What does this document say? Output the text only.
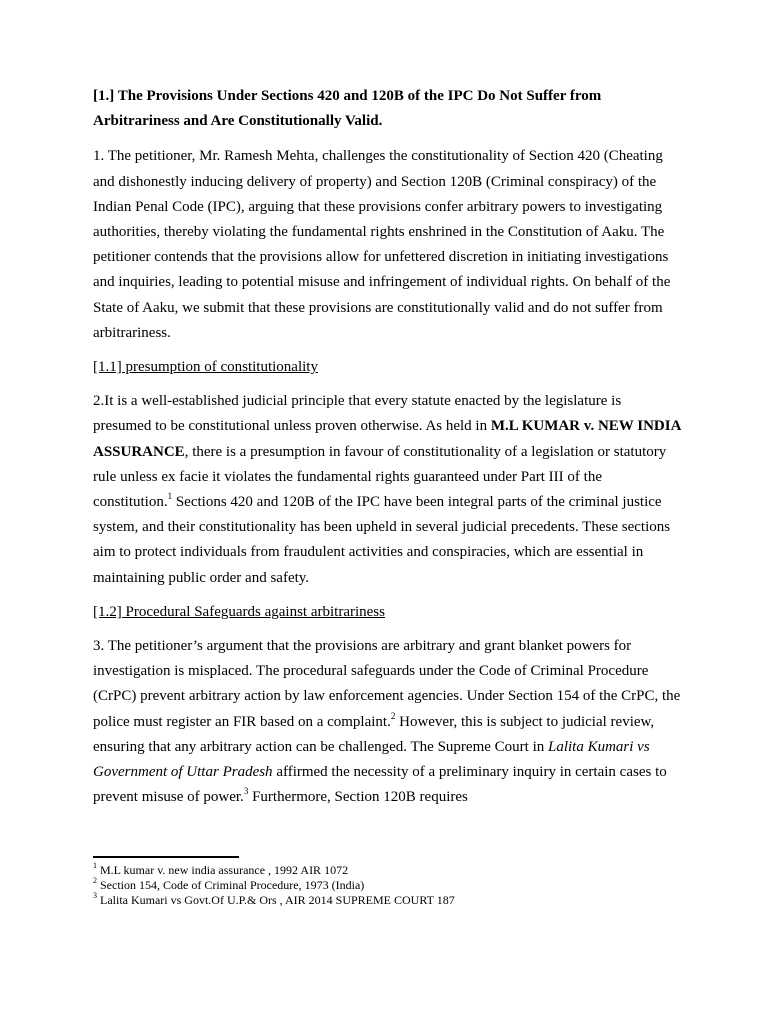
[1.] The Provisions Under Sections 420 and 120B of the IPC Do Not Suffer from Arbitrariness and Are Constitutionally Valid.

1. The petitioner, Mr. Ramesh Mehta, challenges the constitutionality of Section 420 (Cheating and dishonestly inducing delivery of property) and Section 120B (Criminal conspiracy) of the Indian Penal Code (IPC), arguing that these provisions confer arbitrary powers to investigating authorities, thereby violating the fundamental rights enshrined in the Constitution of Aaku. The petitioner contends that the provisions allow for unfettered discretion in initiating investigations and inquiries, leading to potential misuse and infringement of individual rights. On behalf of the State of Aaku, we submit that these provisions are constitutionally valid and do not suffer from arbitrariness.

[1.1] presumption of constitutionality

2.It is a well-established judicial principle that every statute enacted by the legislature is presumed to be constitutional unless proven otherwise. As held in M.L KUMAR v. NEW INDIA ASSURANCE, there is a presumption in favour of constitutionality of a legislation or statutory rule unless ex facie it violates the fundamental rights guaranteed under Part III of the constitution.$^1$ Sections 420 and 120B of the IPC have been integral parts of the criminal justice system, and their constitutionality has been upheld in several judicial precedents. These sections aim to protect individuals from fraudulent activities and conspiracies, which are essential in maintaining public order and safety.

[1.2] Procedural Safeguards against arbitrariness

3. The petitioner’s argument that the provisions are arbitrary and grant blanket powers for investigation is misplaced. The procedural safeguards under the Code of Criminal Procedure (CrPC) prevent arbitrary action by law enforcement agencies. Under Section 154 of the CrPC, the police must register an FIR based on a complaint.$^2$ However, this is subject to judicial review, ensuring that any arbitrary action can be challenged. The Supreme Court in Lalita Kumari vs Government of Uttar Pradesh affirmed the necessity of a preliminary inquiry in certain cases to prevent misuse of power.$^3$ Furthermore, Section 120B requires

$^1$ M.L kumar v. new india assurance , 1992 AIR 1072

$^2$ Section 154, Code of Criminal Procedure, 1973 (India)

$^3$ Lalita Kumari vs Govt.Of U.P.& Ors , AIR 2014 SUPREME COURT 187
